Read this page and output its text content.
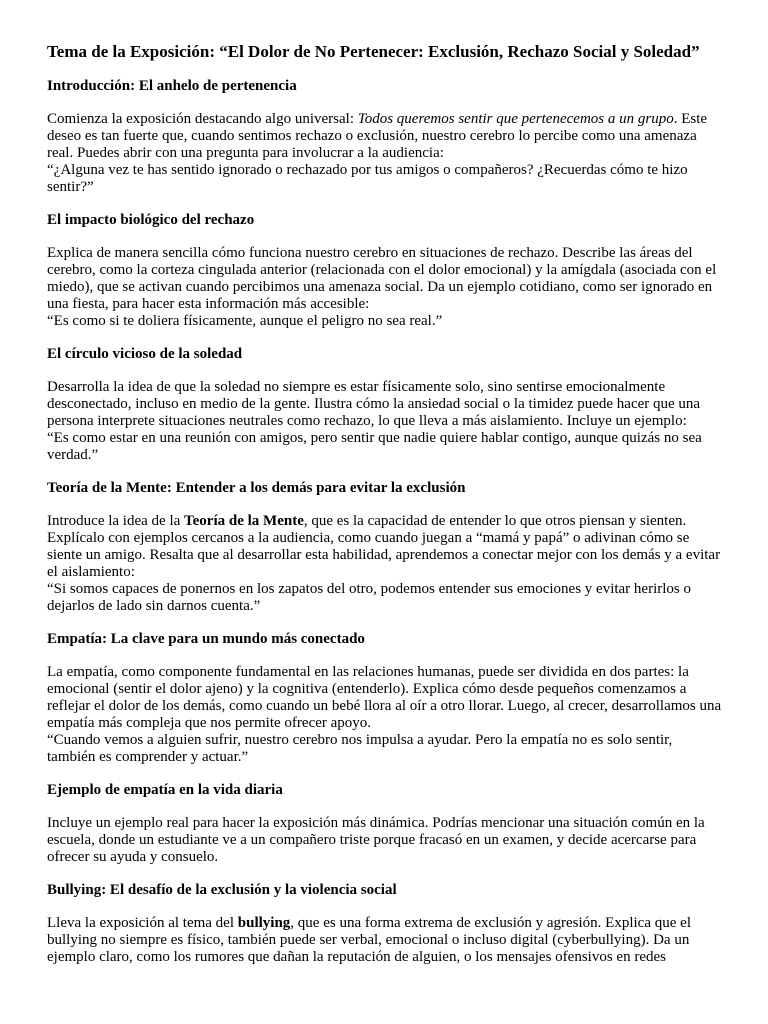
Tema de la Exposición: “El Dolor de No Pertenecer: Exclusión, Rechazo Social y Soledad”
Introducción: El anhelo de pertenencia

Comienza la exposición destacando algo universal: Todos queremos sentir que pertenecemos a un grupo. Este deseo es tan fuerte que, cuando sentimos rechazo o exclusión, nuestro cerebro lo percibe como una amenaza real. Puedes abrir con una pregunta para involucrar a la audiencia:
“¿Alguna vez te has sentido ignorado o rechazado por tus amigos o compañeros? ¿Recuerdas cómo te hizo sentir?”

El impacto biológico del rechazo

Explica de manera sencilla cómo funciona nuestro cerebro en situaciones de rechazo. Describe las áreas del cerebro, como la corteza cingulada anterior (relacionada con el dolor emocional) y la amígdala (asociada con el miedo), que se activan cuando percibimos una amenaza social. Da un ejemplo cotidiano, como ser ignorado en una fiesta, para hacer esta información más accesible:
“Es como si te doliera físicamente, aunque el peligro no sea real.”

El círculo vicioso de la soledad

Desarrolla la idea de que la soledad no siempre es estar físicamente solo, sino sentirse emocionalmente desconectado, incluso en medio de la gente. Ilustra cómo la ansiedad social o la timidez puede hacer que una persona interprete situaciones neutrales como rechazo, lo que lleva a más aislamiento. Incluye un ejemplo:
“Es como estar en una reunión con amigos, pero sentir que nadie quiere hablar contigo, aunque quizás no sea verdad.”

Teoría de la Mente: Entender a los demás para evitar la exclusión

Introduce la idea de la Teoría de la Mente, que es la capacidad de entender lo que otros piensan y sienten. Explícalo con ejemplos cercanos a la audiencia, como cuando juegan a “mamá y papá” o adivinan cómo se siente un amigo. Resalta que al desarrollar esta habilidad, aprendemos a conectar mejor con los demás y a evitar el aislamiento:
“Si somos capaces de ponernos en los zapatos del otro, podemos entender sus emociones y evitar herirlos o dejarlos de lado sin darnos cuenta.”

Empatía: La clave para un mundo más conectado

La empatía, como componente fundamental en las relaciones humanas, puede ser dividida en dos partes: la emocional (sentir el dolor ajeno) y la cognitiva (entenderlo). Explica cómo desde pequeños comenzamos a reflejar el dolor de los demás, como cuando un bebé llora al oír a otro llorar. Luego, al crecer, desarrollamos una empatía más compleja que nos permite ofrecer apoyo.
“Cuando vemos a alguien sufrir, nuestro cerebro nos impulsa a ayudar. Pero la empatía no es solo sentir, también es comprender y actuar.”

Ejemplo de empatía en la vida diaria

Incluye un ejemplo real para hacer la exposición más dinámica. Podrías mencionar una situación común en la escuela, donde un estudiante ve a un compañero triste porque fracasó en un examen, y decide acercarse para ofrecer su ayuda y consuelo.

Bullying: El desafío de la exclusión y la violencia social

Lleva la exposición al tema del bullying, que es una forma extrema de exclusión y agresión. Explica que el bullying no siempre es físico, también puede ser verbal, emocional o incluso digital (cyberbullying). Da un ejemplo claro, como los rumores que dañan la reputación de alguien, o los mensajes ofensivos en redes
